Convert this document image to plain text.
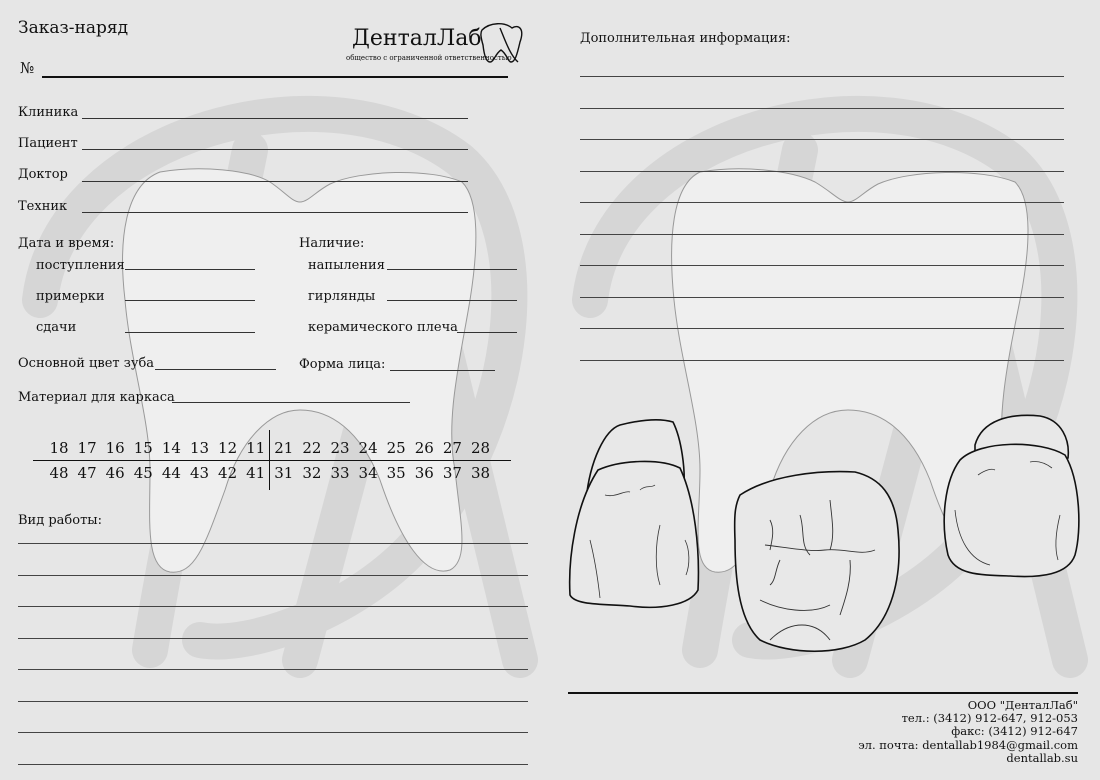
Заказ-наряд	ДенталЛаб
общество с ограниченной ответственностью
№
Клиника
Пациент
Доктор
Техник
Дата и время:
поступления
примерки
сдачи
Наличие:
напыления
гирлянды
керамического плеча
Основной цвет зуба	Форма лица:
Материал для каркаса
18 17 16 15 14 13 12 11 21 22 23 24 25 26 27 28
48 47 46 45 44 43 42 41 31 32 33 34 35 36 37 38
Вид работы:
Дополнительная информация:
ООО "ДенталЛаб"
тел.: (3412) 912-647, 912-053
факс: (3412) 912-647
эл. почта: dentallab1984@gmail.com
dentallab.su
